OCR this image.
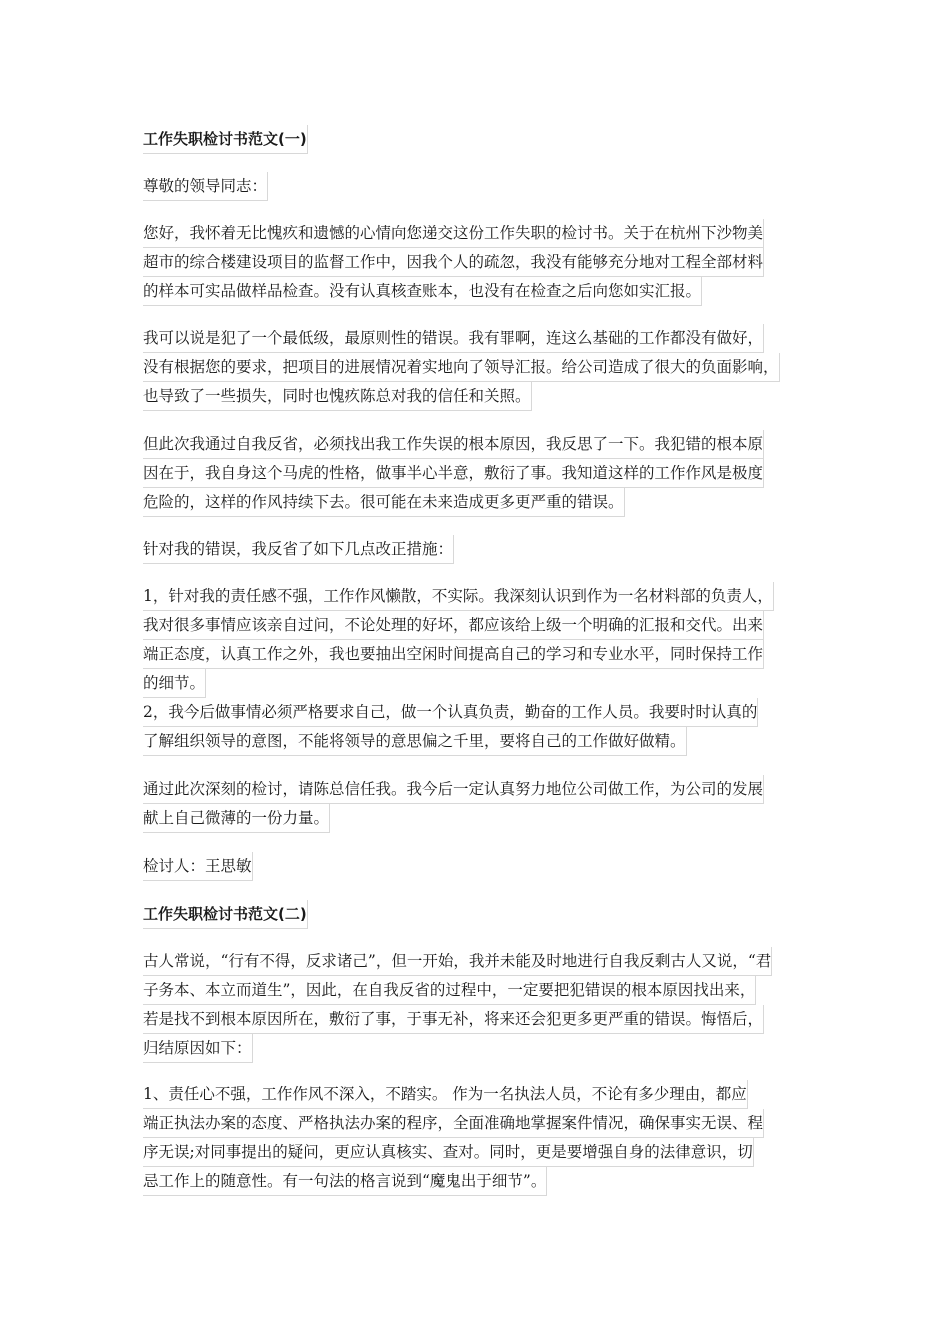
工作失职检讨书范文(一)
尊敬的领导同志：
您好，我怀着无比愧疚和遗憾的心情向您递交这份工作失职的检讨书。关于在杭州下沙物美
超市的综合楼建设项目的监督工作中，因我个人的疏忽，我没有能够充分地对工程全部材料
的样本可实品做样品检查。没有认真核查账本，也没有在检查之后向您如实汇报。
我可以说是犯了一个最低级，最原则性的错误。我有罪啊，连这么基础的工作都没有做好，
没有根据您的要求，把项目的进展情况着实地向了领导汇报。给公司造成了很大的负面影响，
也导致了一些损失，同时也愧疚陈总对我的信任和关照。
但此次我通过自我反省，必须找出我工作失误的根本原因，我反思了一下。我犯错的根本原
因在于，我自身这个马虎的性格，做事半心半意，敷衍了事。我知道这样的工作作风是极度
危险的，这样的作风持续下去。很可能在未来造成更多更严重的错误。
针对我的错误，我反省了如下几点改正措施：
1，针对我的责任感不强，工作作风懒散，不实际。我深刻认识到作为一名材料部的负责人，
我对很多事情应该亲自过问，不论处理的好坏，都应该给上级一个明确的汇报和交代。出来
端正态度，认真工作之外，我也要抽出空闲时间提高自己的学习和专业水平，同时保持工作
的细节。
2，我今后做事情必须严格要求自己，做一个认真负责，勤奋的工作人员。我要时时认真的
了解组织领导的意图，不能将领导的意思偏之千里，要将自己的工作做好做精。
通过此次深刻的检讨，请陈总信任我。我今后一定认真努力地位公司做工作，为公司的发展
献上自己微薄的一份力量。
检讨人：王思敏
工作失职检讨书范文(二)
古人常说，“行有不得，反求诸己”，但一开始，我并未能及时地进行自我反剩古人又说，“君
子务本、本立而道生”，因此，在自我反省的过程中，一定要把犯错误的根本原因找出来，
若是找不到根本原因所在，敷衍了事，于事无补，将来还会犯更多更严重的错误。悔悟后，
归结原因如下：
1、责任心不强，工作作风不深入，不踏实。 作为一名执法人员，不论有多少理由，都应
端正执法办案的态度、严格执法办案的程序，全面准确地掌握案件情况，确保事实无误、程
序无误;对同事提出的疑问，更应认真核实、查对。同时，更是要增强自身的法律意识，切
忌工作上的随意性。有一句法的格言说到“魔鬼出于细节”。
